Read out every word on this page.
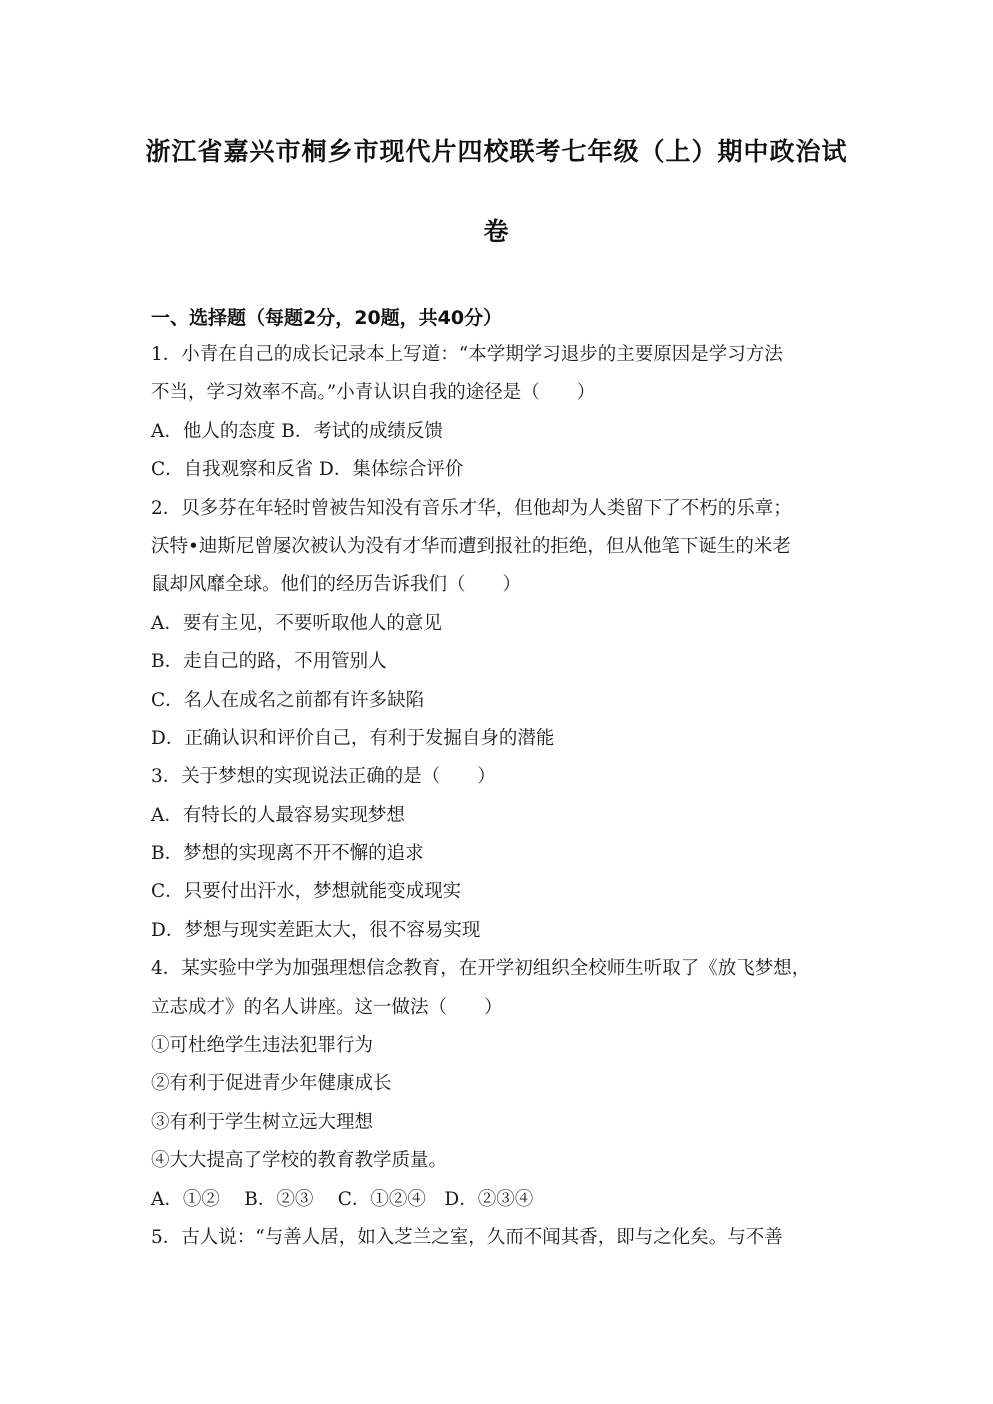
浙江省嘉兴市桐乡市现代片四校联考七年级（上）期中政治试
卷
一、选择题（每题2分，20题，共40分）
1．小青在自己的成长记录本上写道：“本学期学习退步的主要原因是学习方法
不当，学习效率不高。”小青认识自我的途径是（　　）
A．他人的态度 B．考试的成绩反馈
C．自我观察和反省 D．集体综合评价
2．贝多芬在年轻时曾被告知没有音乐才华，但他却为人类留下了不朽的乐章；
沃特•迪斯尼曾屡次被认为没有才华而遭到报社的拒绝，但从他笔下诞生的米老
鼠却风靡全球。他们的经历告诉我们（　　）
A．要有主见，不要听取他人的意见
B．走自己的路，不用管别人
C．名人在成名之前都有许多缺陷
D．正确认识和评价自己，有利于发掘自身的潜能
3．关于梦想的实现说法正确的是（　　）
A．有特长的人最容易实现梦想
B．梦想的实现离不开不懈的追求
C．只要付出汗水，梦想就能变成现实
D．梦想与现实差距太大，很不容易实现
4．某实验中学为加强理想信念教育，在开学初组织全校师生听取了《放飞梦想，
立志成才》的名人讲座。这一做法（　　）
①可杜绝学生违法犯罪行为
②有利于促进青少年健康成长
③有利于学生树立远大理想
④大大提高了学校的教育教学质量。
A．①②　 B．②③　 C．①②④　D．②③④
5．古人说：“与善人居，如入芝兰之室，久而不闻其香，即与之化矣。与不善
